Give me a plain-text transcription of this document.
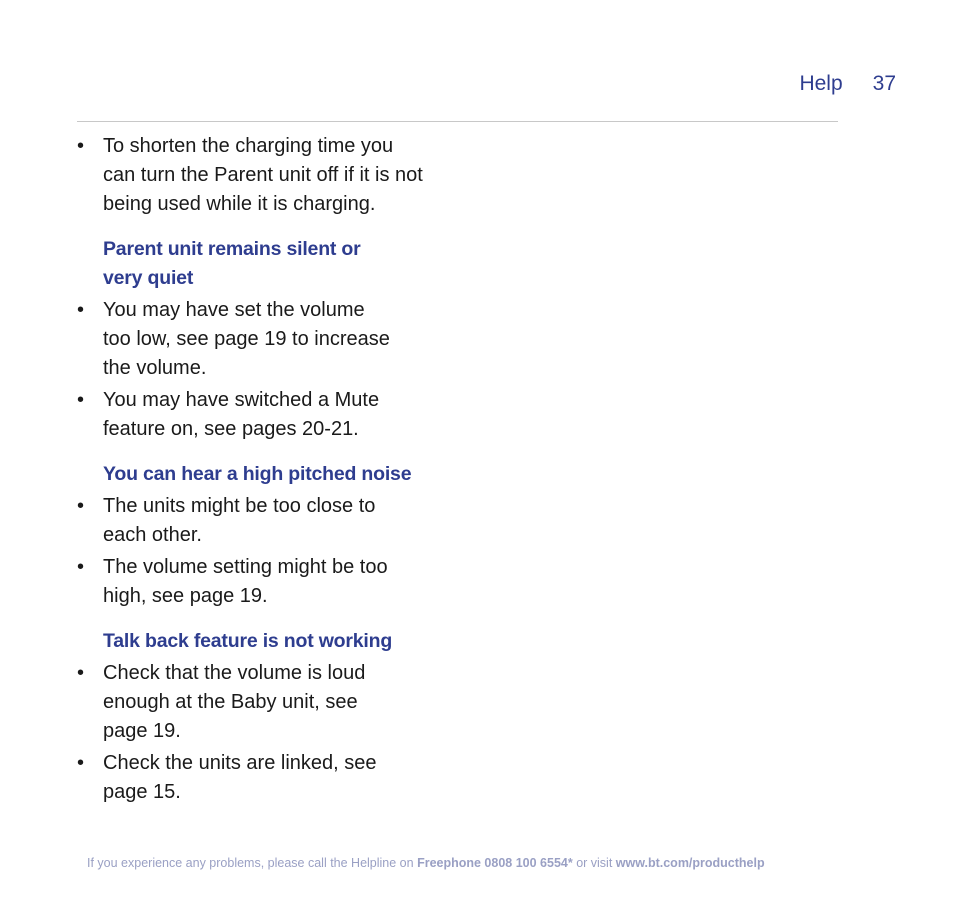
Help 37
• To shorten the charging time you
can turn the Parent unit off if it is not
being used while it is charging.
Parent unit remains silent or
very quiet
• You may have set the volume
too low, see page 19 to increase
the volume.
• You may have switched a Mute
feature on, see pages 20-21.
You can hear a high pitched noise
• The units might be too close to
each other.
• The volume setting might be too
high, see page 19.
Talk back feature is not working
• Check that the volume is loud
enough at the Baby unit, see
page 19.
• Check the units are linked, see
page 15.
If you experience any problems, please call the Helpline on Freephone 0808 100 6554* or visit www.bt.com/producthelp
